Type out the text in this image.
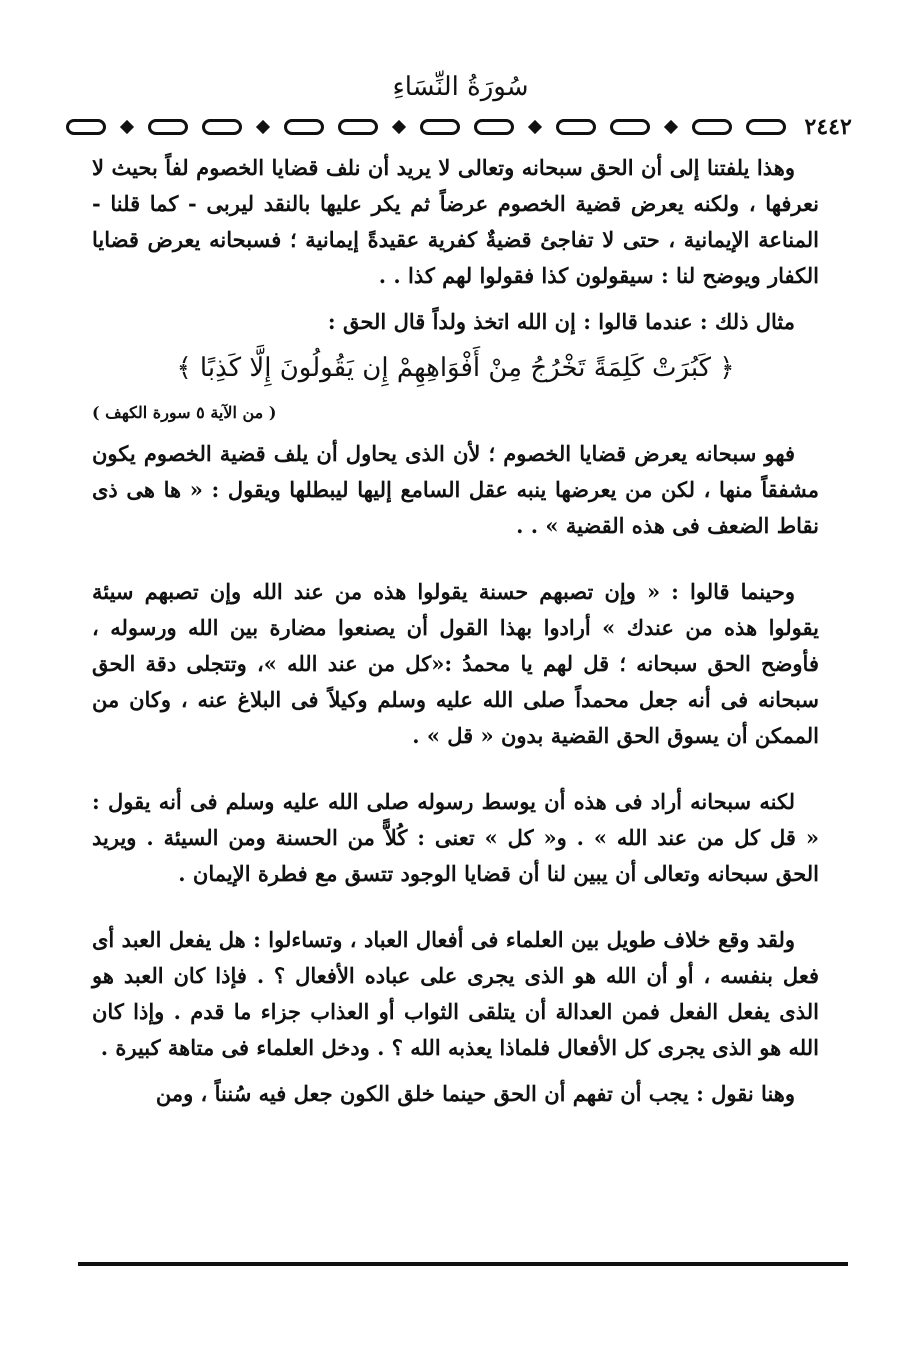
سُورَةُ النِّسَاءِ
٢٤٤٢

وهذا يلفتنا إلى أن الحق سبحانه وتعالى لا يريد أن نلف قضايا الخصوم لفاً بحيث لا نعرفها ، ولكنه يعرض قضية الخصوم عرضاً ثم يكر عليها بالنقد ليربى - كما قلنا - المناعة الإيمانية ، حتى لا تفاجئ قضيةٌ كفرية عقيدةً إيمانية ؛ فسبحانه يعرض قضايا الكفار ويوضح لنا : سيقولون كذا فقولوا لهم كذا . .

مثال ذلك : عندما قالوا : إن الله اتخذ ولداً قال الحق :

﴿ كَبُرَتْ كَلِمَةً تَخْرُجُ مِنْ أَفْوَاهِهِمْ إِن يَقُولُونَ إِلَّا كَذِبًا ﴾
( من الآية ٥ سورة الكهف )

فهو سبحانه يعرض قضايا الخصوم ؛ لأن الذى يحاول أن يلف قضية الخصوم يكون مشفقاً منها ، لكن من يعرضها ينبه عقل السامع إليها ليبطلها ويقول : « ها هى ذى نقاط الضعف فى هذه القضية » . .

وحينما قالوا : « وإن تصبهم حسنة يقولوا هذه من عند الله وإن تصبهم سيئة يقولوا هذه من عندك » أرادوا بهذا القول أن يصنعوا مضارة بين الله ورسوله ، فأوضح الحق سبحانه ؛ قل لهم يا محمدُ :«كل من عند الله »، وتتجلى دقة الحق سبحانه فى أنه جعل محمداً صلى الله عليه وسلم وكيلاً فى البلاغ عنه ، وكان من الممكن أن يسوق الحق القضية بدون « قل » .

لكنه سبحانه أراد فى هذه أن يوسط رسوله صلى الله عليه وسلم فى أنه يقول : « قل كل من عند الله » . و« كل » تعنى : كُلاًّ من الحسنة ومن السيئة . ويريد الحق سبحانه وتعالى أن يبين لنا أن قضايا الوجود تتسق مع فطرة الإيمان .

ولقد وقع خلاف طويل بين العلماء فى أفعال العباد ، وتساءلوا : هل يفعل العبد أى فعل بنفسه ، أو أن الله هو الذى يجرى على عباده الأفعال ؟ . فإذا كان العبد هو الذى يفعل الفعل فمن العدالة أن يتلقى الثواب أو العذاب جزاء ما قدم . وإذا كان الله هو الذى يجرى كل الأفعال فلماذا يعذبه الله ؟ . ودخل العلماء فى متاهة كبيرة .

وهنا نقول : يجب أن تفهم أن الحق حينما خلق الكون جعل فيه سُنناً ، ومن
